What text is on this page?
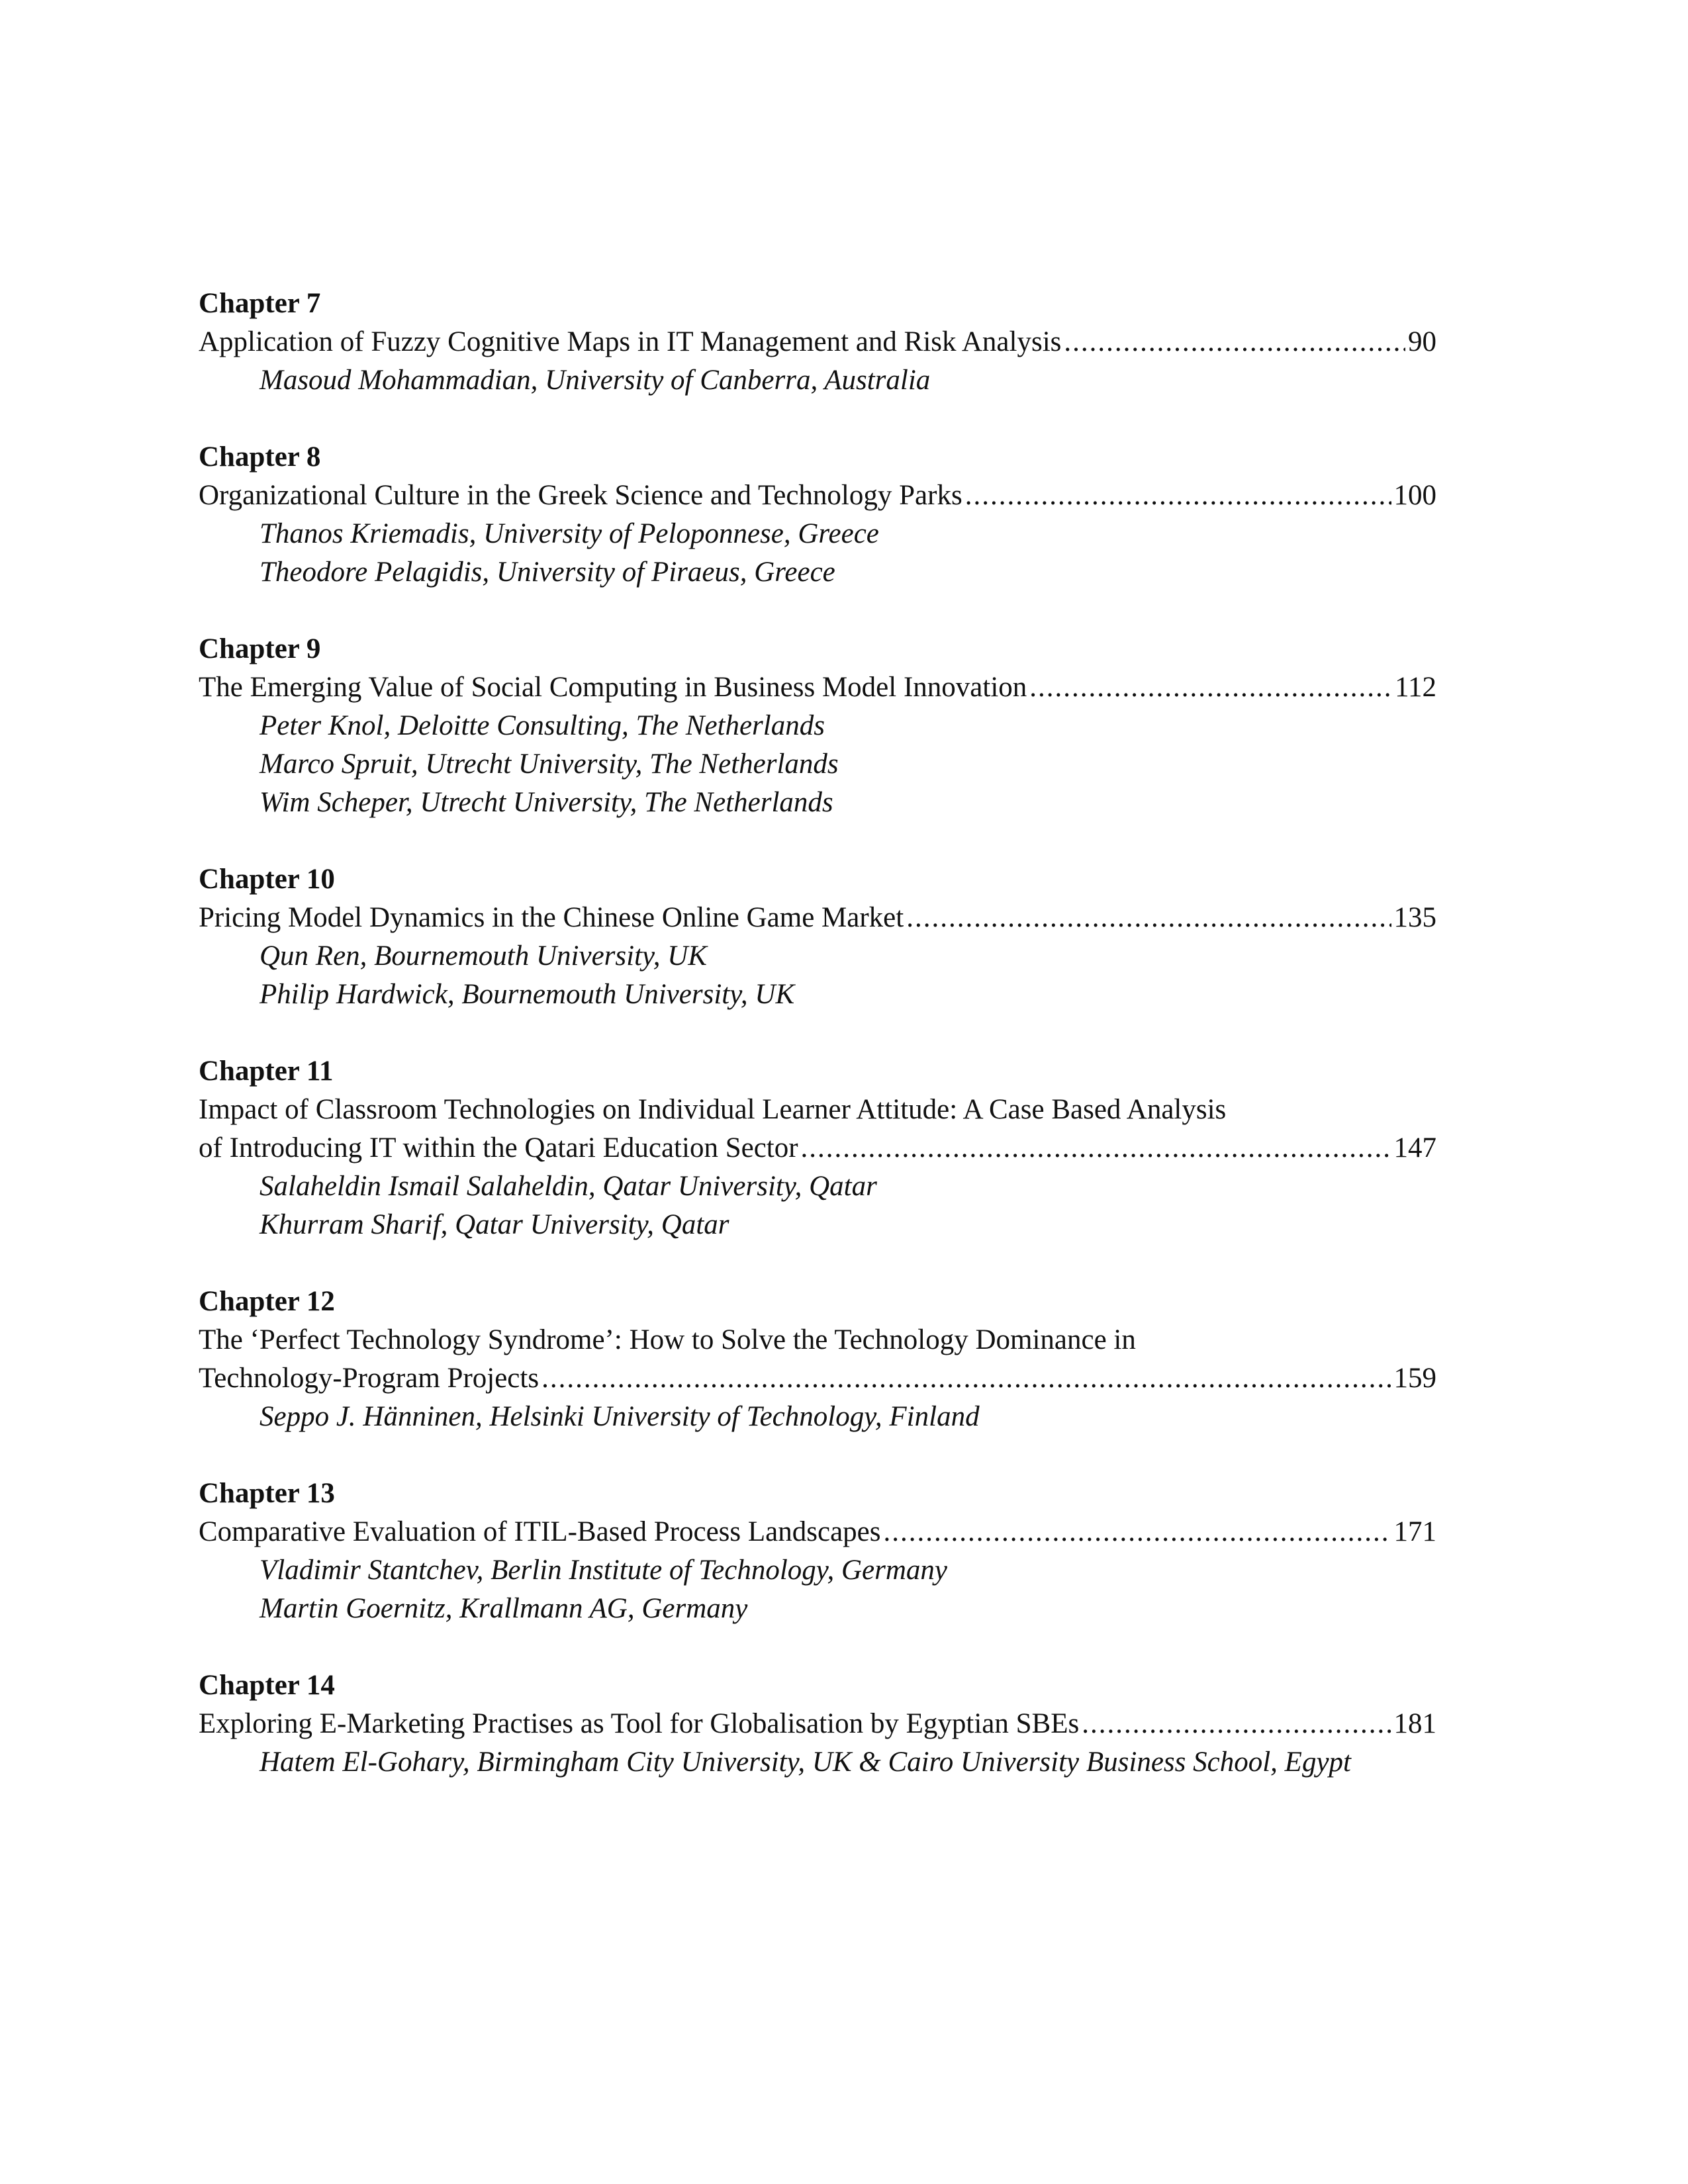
Chapter 7
Application of Fuzzy Cognitive Maps in IT Management and Risk Analysis .....	90
Masoud Mohammadian, University of Canberra, Australia
Chapter 8
Organizational Culture in the Greek Science and Technology Parks .....	100
Thanos Kriemadis, University of Peloponnese, Greece
Theodore Pelagidis, University of Piraeus, Greece
Chapter 9
The Emerging Value of Social Computing in Business Model Innovation .....	112
Peter Knol, Deloitte Consulting, The Netherlands
Marco Spruit, Utrecht University, The Netherlands
Wim Scheper, Utrecht University, The Netherlands
Chapter 10
Pricing Model Dynamics in the Chinese Online Game Market .....	135
Qun Ren, Bournemouth University, UK
Philip Hardwick, Bournemouth University, UK
Chapter 11
Impact of Classroom Technologies on Individual Learner Attitude: A Case Based Analysis
of Introducing IT within the Qatari Education Sector .....	147
Salaheldin Ismail Salaheldin, Qatar University, Qatar
Khurram Sharif, Qatar University, Qatar
Chapter 12
The ‘Perfect Technology Syndrome’: How to Solve the Technology Dominance in
Technology-Program Projects .....	159
Seppo J. Hänninen, Helsinki University of Technology, Finland
Chapter 13
Comparative Evaluation of ITIL-Based Process Landscapes .....	171
Vladimir Stantchev, Berlin Institute of Technology, Germany
Martin Goernitz, Krallmann AG, Germany
Chapter 14
Exploring E-Marketing Practises as Tool for Globalisation by Egyptian SBEs .....	181
Hatem El-Gohary, Birmingham City University, UK & Cairo University Business School, Egypt
